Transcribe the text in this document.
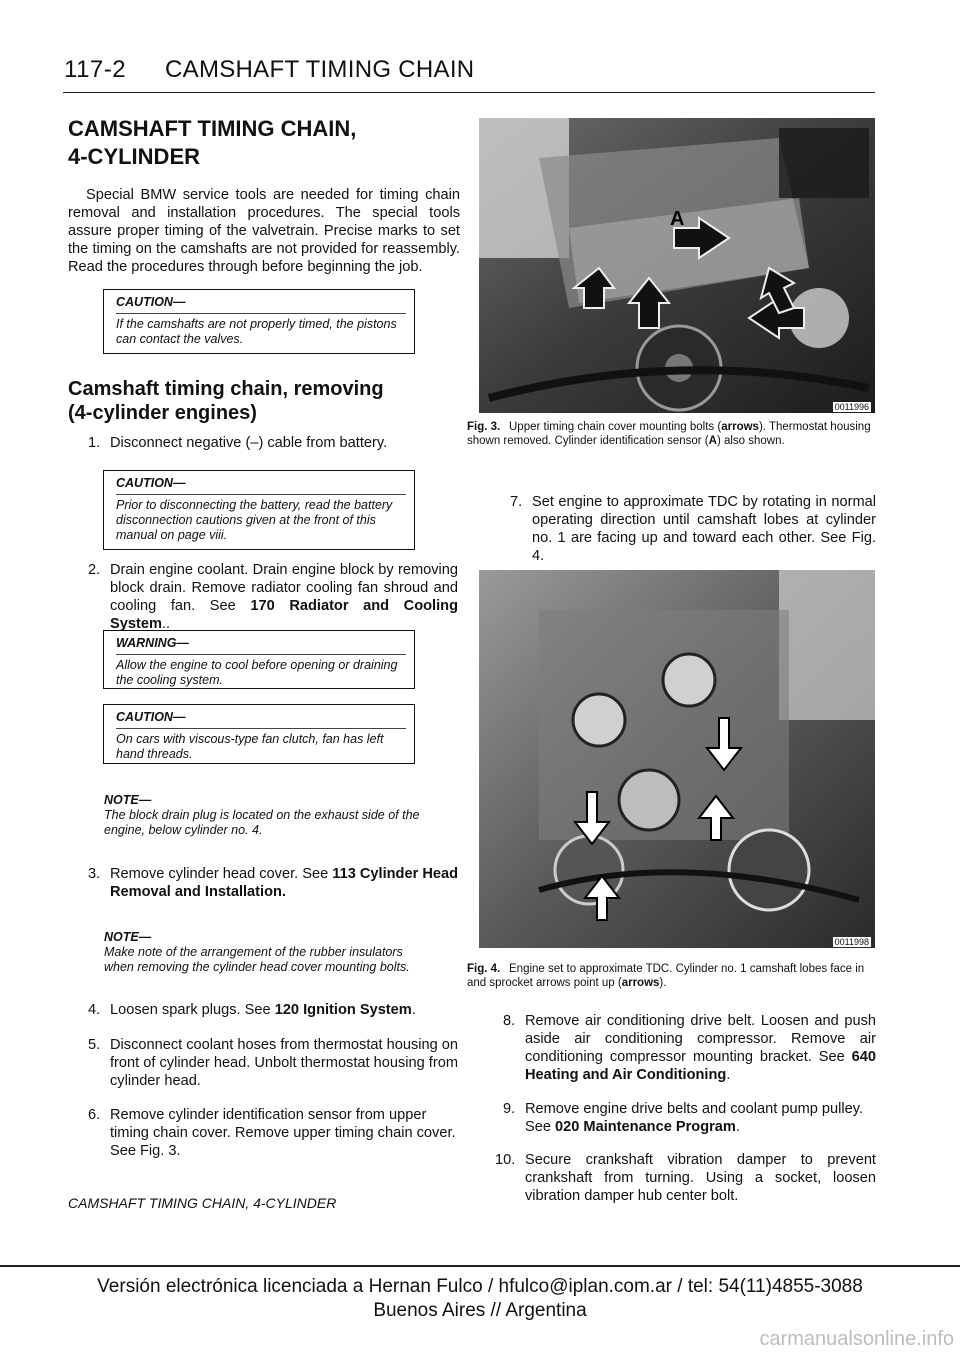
117-2 CAMSHAFT TIMING CHAIN
CAMSHAFT TIMING CHAIN,
4-CYLINDER
Special BMW service tools are needed for timing chain removal and installation procedures. The special tools assure proper timing of the valvetrain. Precise marks to set the timing on the camshafts are not provided for reassembly. Read the procedures through before beginning the job.
CAUTION—
If the camshafts are not properly timed, the pistons can contact the valves.
Camshaft timing chain, removing
(4-cylinder engines)
1. Disconnect negative (–) cable from battery.
CAUTION—
Prior to disconnecting the battery, read the battery disconnection cautions given at the front of this manual on page viii.
2. Drain engine coolant. Drain engine block by removing block drain. Remove radiator cooling fan shroud and cooling fan. See 170 Radiator and Cooling System..
WARNING—
Allow the engine to cool before opening or draining the cooling system.
CAUTION—
On cars with viscous-type fan clutch, fan has left hand threads.
NOTE—
The block drain plug is located on the exhaust side of the engine, below cylinder no. 4.
3. Remove cylinder head cover. See 113 Cylinder Head Removal and Installation.
NOTE—
Make note of the arrangement of the rubber insulators when removing the cylinder head cover mounting bolts.
4. Loosen spark plugs. See 120 Ignition System.
5. Disconnect coolant hoses from thermostat housing on front of cylinder head. Unbolt thermostat housing from cylinder head.
6. Remove cylinder identification sensor from upper timing chain cover. Remove upper timing chain cover. See Fig. 3.
CAMSHAFT TIMING CHAIN, 4-CYLINDER
A
0011996
Fig. 3. Upper timing chain cover mounting bolts (arrows). Thermostat housing shown removed. Cylinder identification sensor (A) also shown.
7. Set engine to approximate TDC by rotating in normal operating direction until camshaft lobes at cylinder no. 1 are facing up and toward each other. See Fig. 4.
0011998
Fig. 4. Engine set to approximate TDC. Cylinder no. 1 camshaft lobes face in and sprocket arrows point up (arrows).
8. Remove air conditioning drive belt. Loosen and push aside air conditioning compressor. Remove air conditioning compressor mounting bracket. See 640 Heating and Air Conditioning.
9. Remove engine drive belts and coolant pump pulley. See 020 Maintenance Program.
10. Secure crankshaft vibration damper to prevent crankshaft from turning. Using a socket, loosen vibration damper hub center bolt.
Versión electrónica licenciada a Hernan Fulco / hfulco@iplan.com.ar / tel: 54(11)4855-3088
Buenos Aires // Argentina
carmanualsonline.info
